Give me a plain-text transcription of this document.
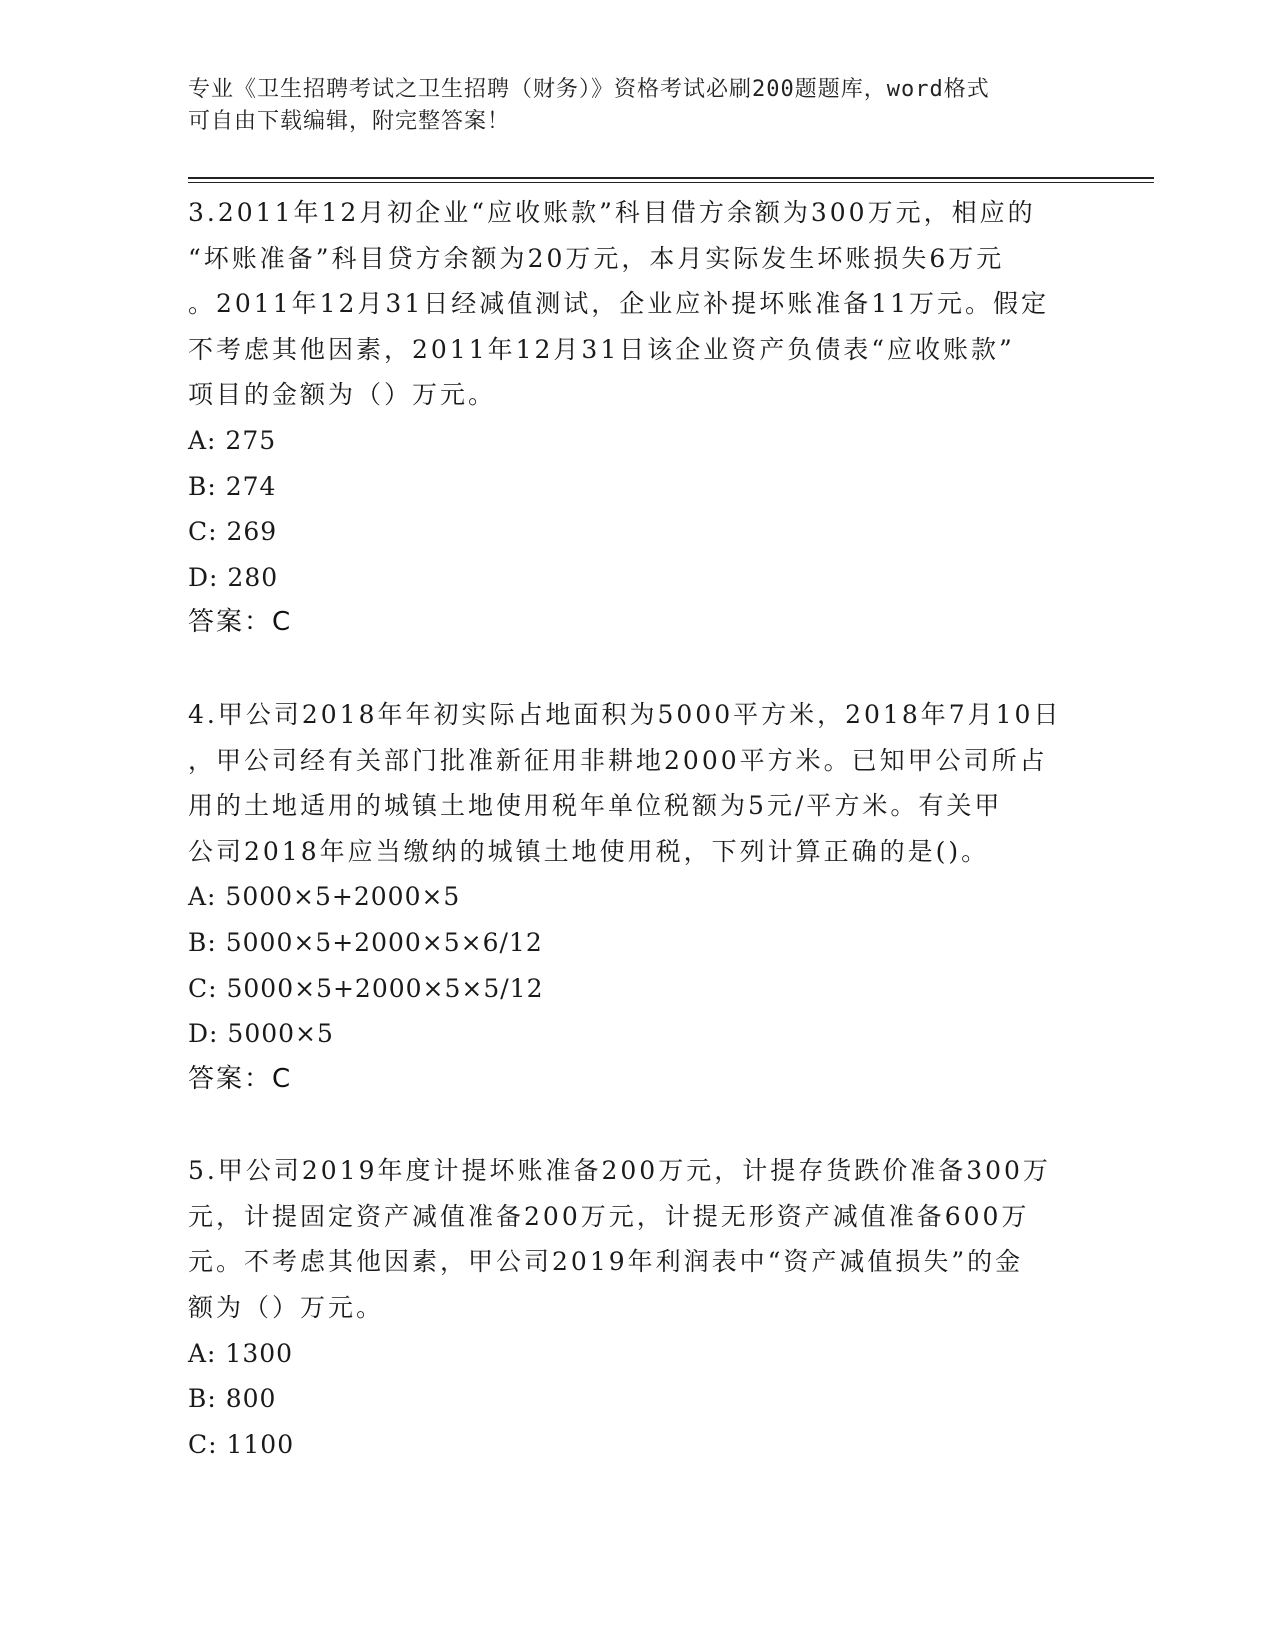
专业《卫生招聘考试之卫生招聘（财务）》资格考试必刷200题题库，word格式
可自由下载编辑，附完整答案！

3.2011年12月初企业“应收账款”科目借方余额为300万元，相应的

“坏账准备”科目贷方余额为20万元，本月实际发生坏账损失6万元

。2011年12月31日经减值测试，企业应补提坏账准备11万元。假定

不考虑其他因素，2011年12月31日该企业资产负债表“应收账款”

项目的金额为（）万元。

A: 275

B: 274

C: 269

D: 280

答案：C

4.甲公司2018年年初实际占地面积为5000平方米，2018年7月10日

，甲公司经有关部门批准新征用非耕地2000平方米。已知甲公司所占

用的土地适用的城镇土地使用税年单位税额为5元/平方米。有关甲

公司2018年应当缴纳的城镇土地使用税，下列计算正确的是()。

A: 5000×5+2000×5

B: 5000×5+2000×5×6/12

C: 5000×5+2000×5×5/12

D: 5000×5

答案：C

5.甲公司2019年度计提坏账准备200万元，计提存货跌价准备300万

元，计提固定资产减值准备200万元，计提无形资产减值准备600万

元。不考虑其他因素，甲公司2019年利润表中“资产减值损失”的金

额为（）万元。

A: 1300

B: 800

C: 1100
